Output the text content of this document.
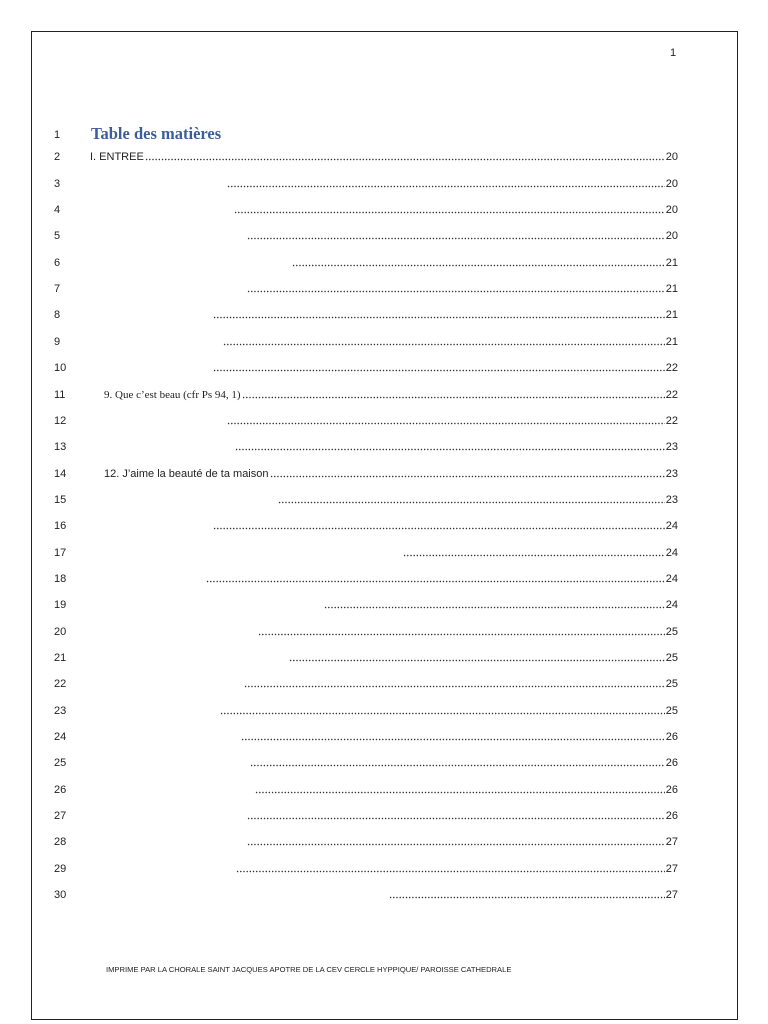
1
1	Table des matières
2	I. ENTREE	20
3	20
4	20
5	20
6	21
7	21
8	21
9	21
10	22
11	9. Que c’est beau (cfr Ps 94, 1)	22
12	22
13	23
14	12. J’aime la beauté de ta maison	23
15	23
16	24
17	24
18	24
19	24
20	25
21	25
22	25
23	25
24	26
25	26
26	26
27	26
28	27
29	27
30	27
IMPRIME PAR LA CHORALE SAINT JACQUES APOTRE DE LA CEV CERCLE HYPPIQUE/ PAROISSE CATHEDRALE
